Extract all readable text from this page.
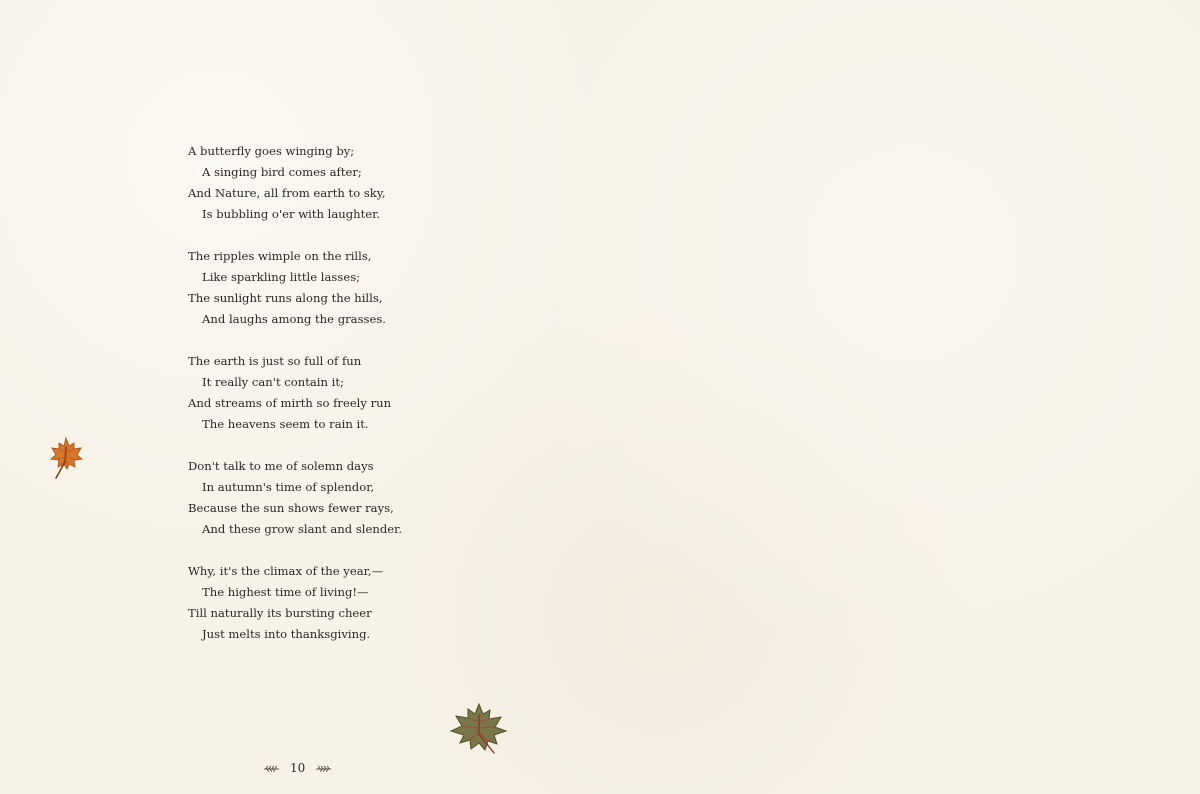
A butterfly goes winging by;
A singing bird comes after;
And Nature, all from earth to sky,
Is bubbling o'er with laughter.
The ripples wimple on the rills,
Like sparkling little lasses;
The sunlight runs along the hills,
And laughs among the grasses.
The earth is just so full of fun
It really can't contain it;
And streams of mirth so freely run
The heavens seem to rain it.
Don't talk to me of solemn days
In autumn's time of splendor,
Because the sun shows fewer rays,
And these grow slant and slender.
Why, it's the climax of the year,—
The highest time of living!—
Till naturally its bursting cheer
Just melts into thanksgiving.
10
